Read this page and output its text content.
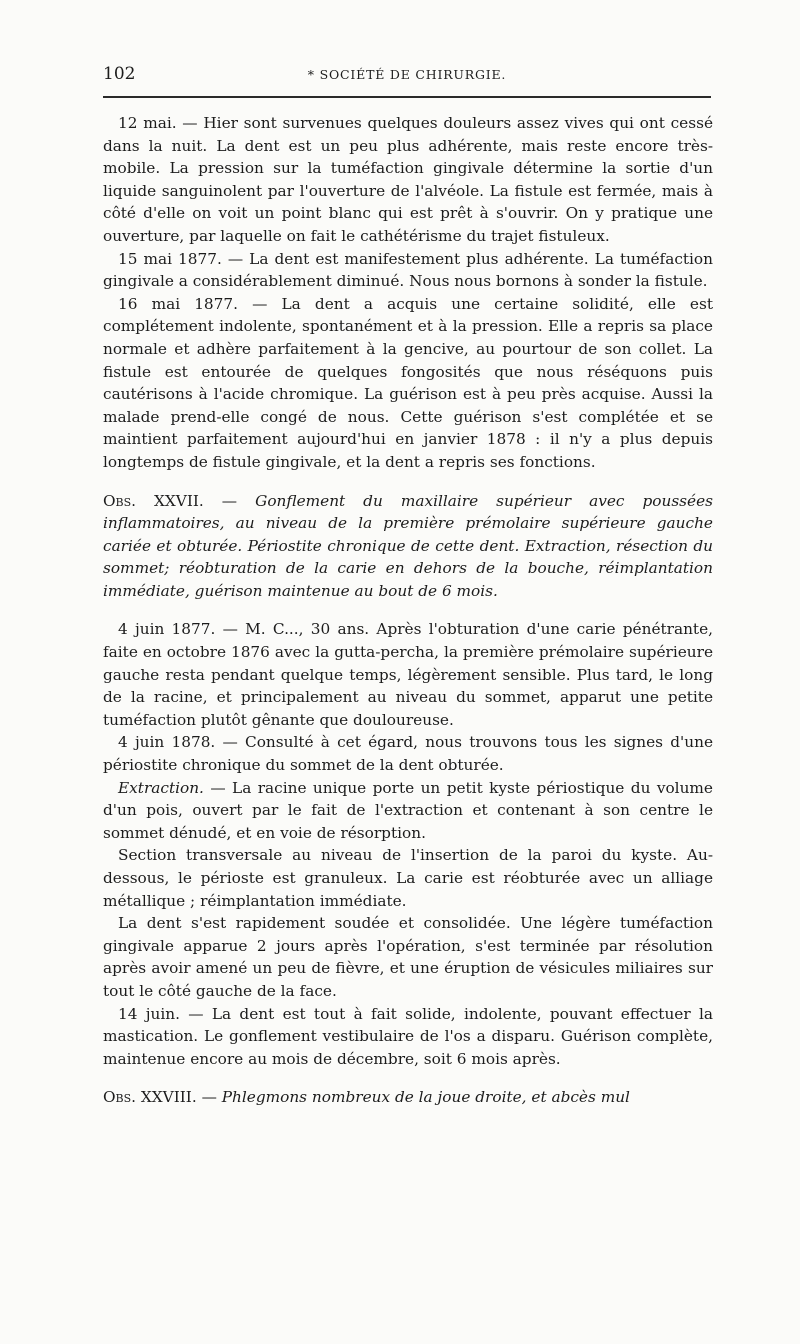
102	* SOCIÉTÉ DE CHIRURGIE.

12 mai. — Hier sont survenues quelques douleurs assez vives qui ont cessé dans la nuit. La dent est un peu plus adhérente, mais reste encore très-mobile. La pression sur la tuméfaction gingivale détermine la sortie d'un liquide sanguinolent par l'ouverture de l'alvéole. La fistule est fermée, mais à côté d'elle on voit un point blanc qui est prêt à s'ouvrir. On y pratique une ouverture, par laquelle on fait le cathétérisme du trajet fistuleux.

15 mai 1877. — La dent est manifestement plus adhérente. La tuméfaction gingivale a considérablement diminué. Nous nous bornons à sonder la fistule.

16 mai 1877. — La dent a acquis une certaine solidité, elle est complétement indolente, spontanément et à la pression. Elle a repris sa place normale et adhère parfaitement à la gencive, au pourtour de son collet. La fistule est entourée de quelques fongosités que nous réséquons puis cautérisons à l'acide chromique. La guérison est à peu près acquise. Aussi la malade prend-elle congé de nous. Cette guérison s'est complétée et se maintient parfaitement aujourd'hui en janvier 1878 : il n'y a plus depuis longtemps de fistule gingivale, et la dent a repris ses fonctions.

Obs. XXVII. — Gonflement du maxillaire supérieur avec poussées inflammatoires, au niveau de la première prémolaire supérieure gauche cariée et obturée. Périostite chronique de cette dent. Extraction, résection du sommet; réobturation de la carie en dehors de la bouche, réimplantation immédiate, guérison maintenue au bout de 6 mois.

4 juin 1877. — M. C..., 30 ans. Après l'obturation d'une carie pénétrante, faite en octobre 1876 avec la gutta-percha, la première prémolaire supérieure gauche resta pendant quelque temps, légèrement sensible. Plus tard, le long de la racine, et principalement au niveau du sommet, apparut une petite tuméfaction plutôt gênante que douloureuse.

4 juin 1878. — Consulté à cet égard, nous trouvons tous les signes d'une périostite chronique du sommet de la dent obturée.

Extraction. — La racine unique porte un petit kyste périostique du volume d'un pois, ouvert par le fait de l'extraction et contenant à son centre le sommet dénudé, et en voie de résorption.

Section transversale au niveau de l'insertion de la paroi du kyste. Au-dessous, le périoste est granuleux. La carie est réobturée avec un alliage métallique ; réimplantation immédiate.

La dent s'est rapidement soudée et consolidée. Une légère tuméfaction gingivale apparue 2 jours après l'opération, s'est terminée par résolution après avoir amené un peu de fièvre, et une éruption de vésicules miliaires sur tout le côté gauche de la face.

14 juin. — La dent est tout à fait solide, indolente, pouvant effectuer la mastication. Le gonflement vestibulaire de l'os a disparu. Guérison complète, maintenue encore au mois de décembre, soit 6 mois après.

Obs. XXVIII. — Phlegmons nombreux de la joue droite, et abcès mul
